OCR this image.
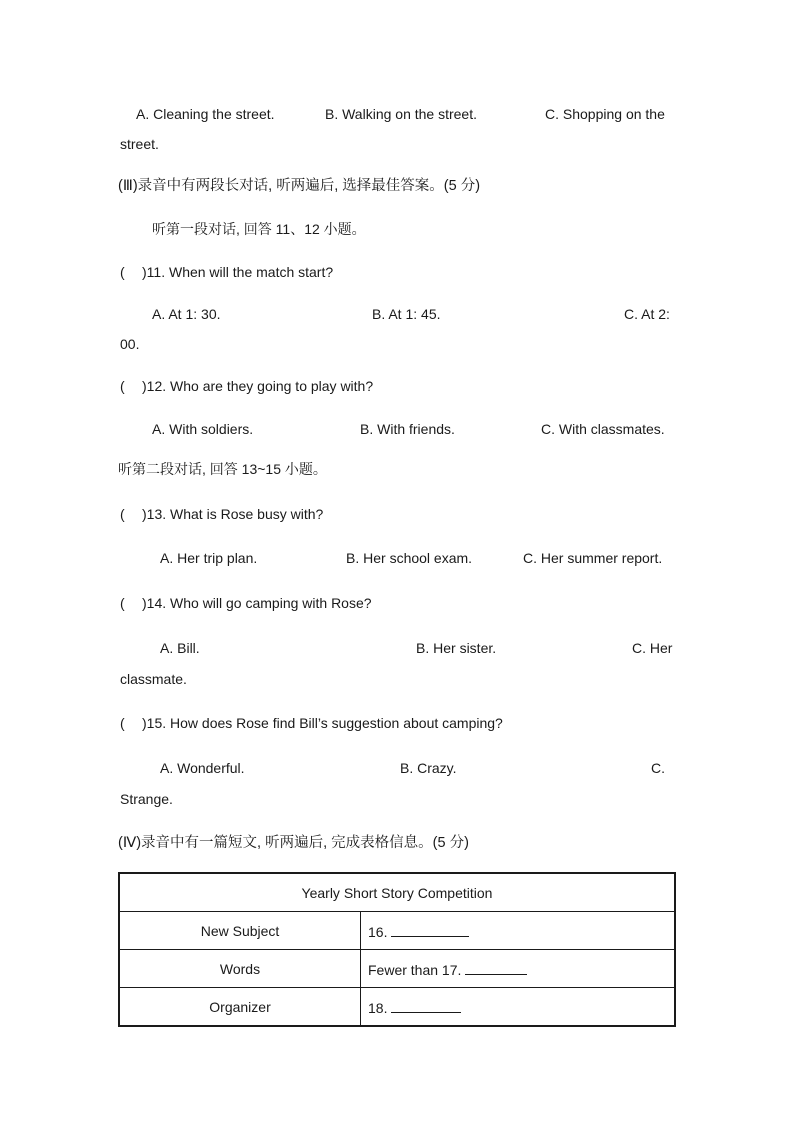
A. Cleaning the street.	B. Walking on the street.	C. Shopping on the
street.
(Ⅲ)录音中有两段长对话, 听两遍后, 选择最佳答案。(5 分)
听第一段对话, 回答 11、12 小题。
( )11. When will the match start?
A. At 1: 30.	B. At 1: 45.	C. At 2:
00.
( )12. Who are they going to play with?
A. With soldiers.	B. With friends.	C. With classmates.
听第二段对话, 回答 13~15 小题。
( )13. What is Rose busy with?
A. Her trip plan.	B. Her school exam.	C. Her summer report.
( )14. Who will go camping with Rose?
A. Bill.	B. Her sister.	C. Her
classmate.
( )15. How does Rose find Bill’s suggestion about camping?
A. Wonderful.	B. Crazy.	C.
Strange.
(Ⅳ)录音中有一篇短文, 听两遍后, 完成表格信息。(5 分)
Yearly Short Story Competition	
New Subject	16.
Words	Fewer than 17.
Organizer	18.
